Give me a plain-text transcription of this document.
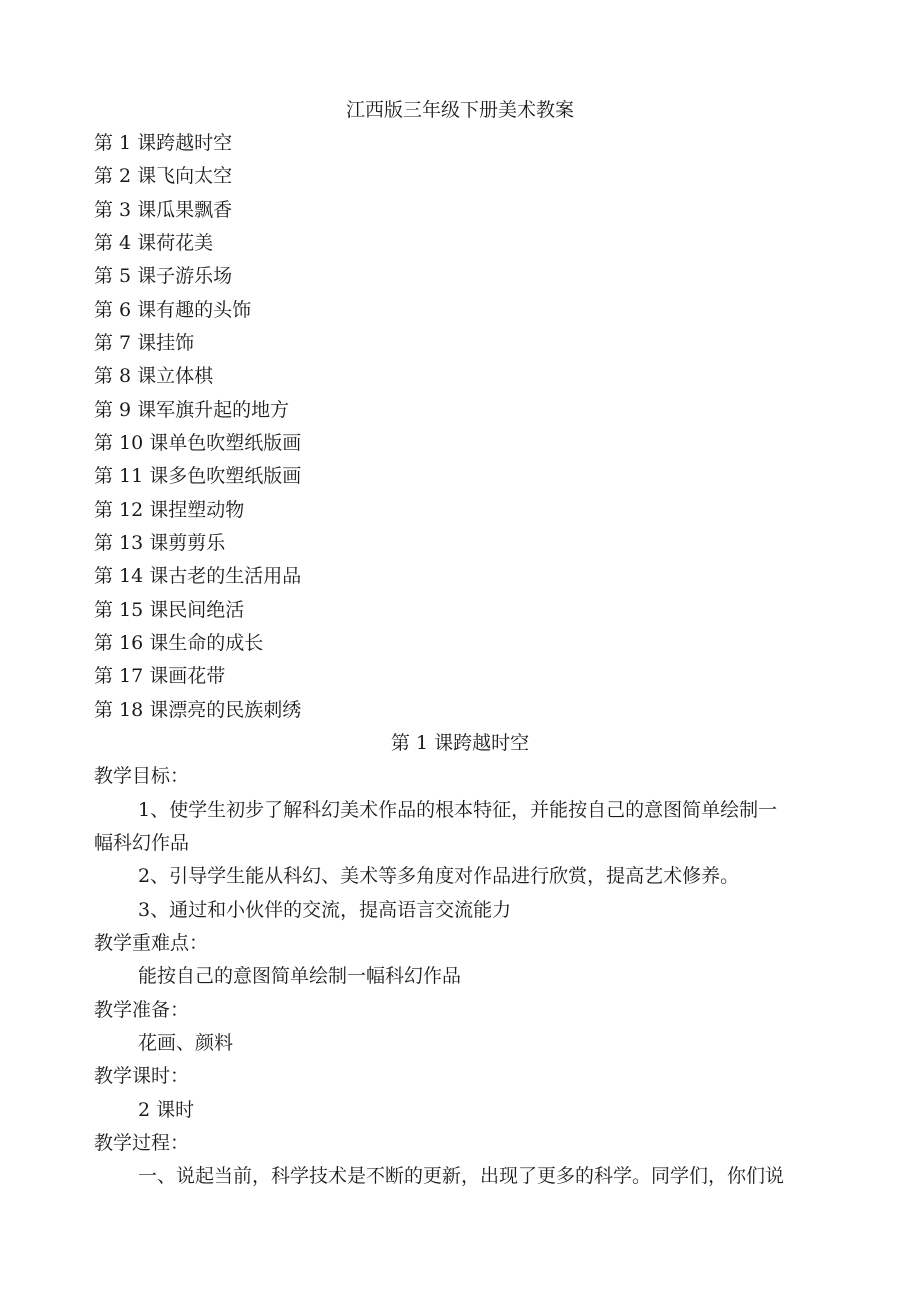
江西版三年级下册美术教案
第 1 课跨越时空
第 2 课飞向太空
第 3 课瓜果飘香
第 4 课荷花美
第 5 课子游乐场
第 6 课有趣的头饰
第 7 课挂饰
第 8 课立体棋
第 9 课军旗升起的地方
第 10 课单色吹塑纸版画
第 11 课多色吹塑纸版画
第 12 课捏塑动物
第 13 课剪剪乐
第 14 课古老的生活用品
第 15 课民间绝活
第 16 课生命的成长
第 17 课画花带
第 18 课漂亮的民族刺绣
第 1 课跨越时空
教学目标：
1、使学生初步了解科幻美术作品的根本特征，并能按自己的意图简单绘制一
幅科幻作品
2、引导学生能从科幻、美术等多角度对作品进行欣赏，提高艺术修养。
3、通过和小伙伴的交流，提高语言交流能力
教学重难点：
能按自己的意图简单绘制一幅科幻作品
教学准备：
花画、颜料
教学课时：
2 课时
教学过程：
一、说起当前，科学技术是不断的更新，出现了更多的科学。同学们，你们说
